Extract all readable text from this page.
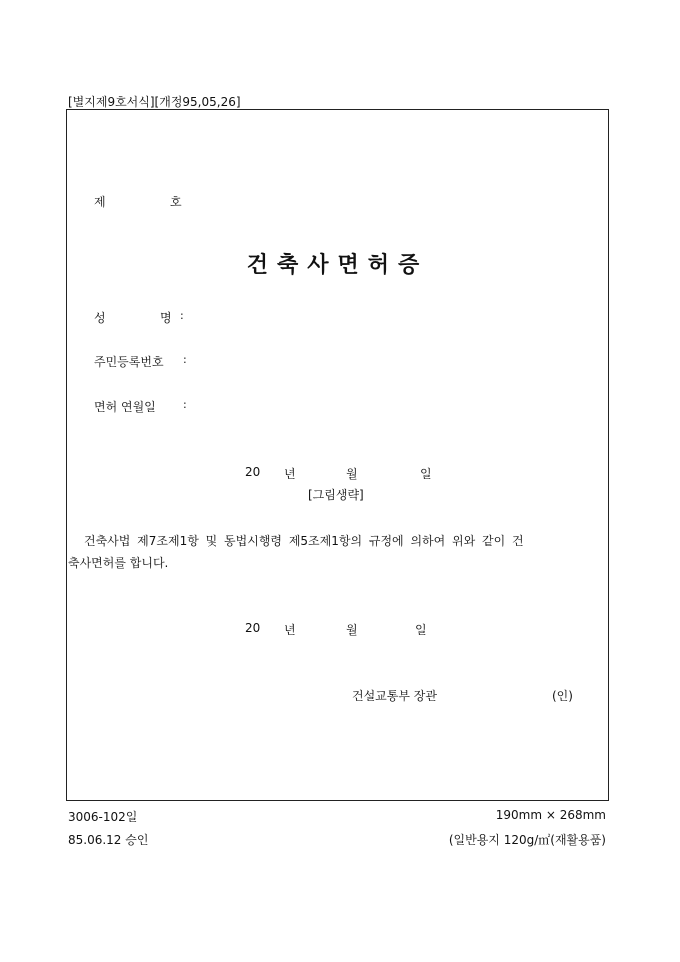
[별지제9호서식][개정95,05,26]
제	호
건축사면허증
성	명 :
주민등록번호 :
면허 연월일 :
20 년	월	일
[그림생략]
건축사법 제7조제1항 및 동법시행령 제5조제1항의 규정에 의하여 위와 같이 건
축사면허를 합니다.
20 년	월	일
건설교통부 장관	(인)
3006-102일	190mm × 268mm
85.06.12 승인	(일반용지 120g/㎡(재활용품)
